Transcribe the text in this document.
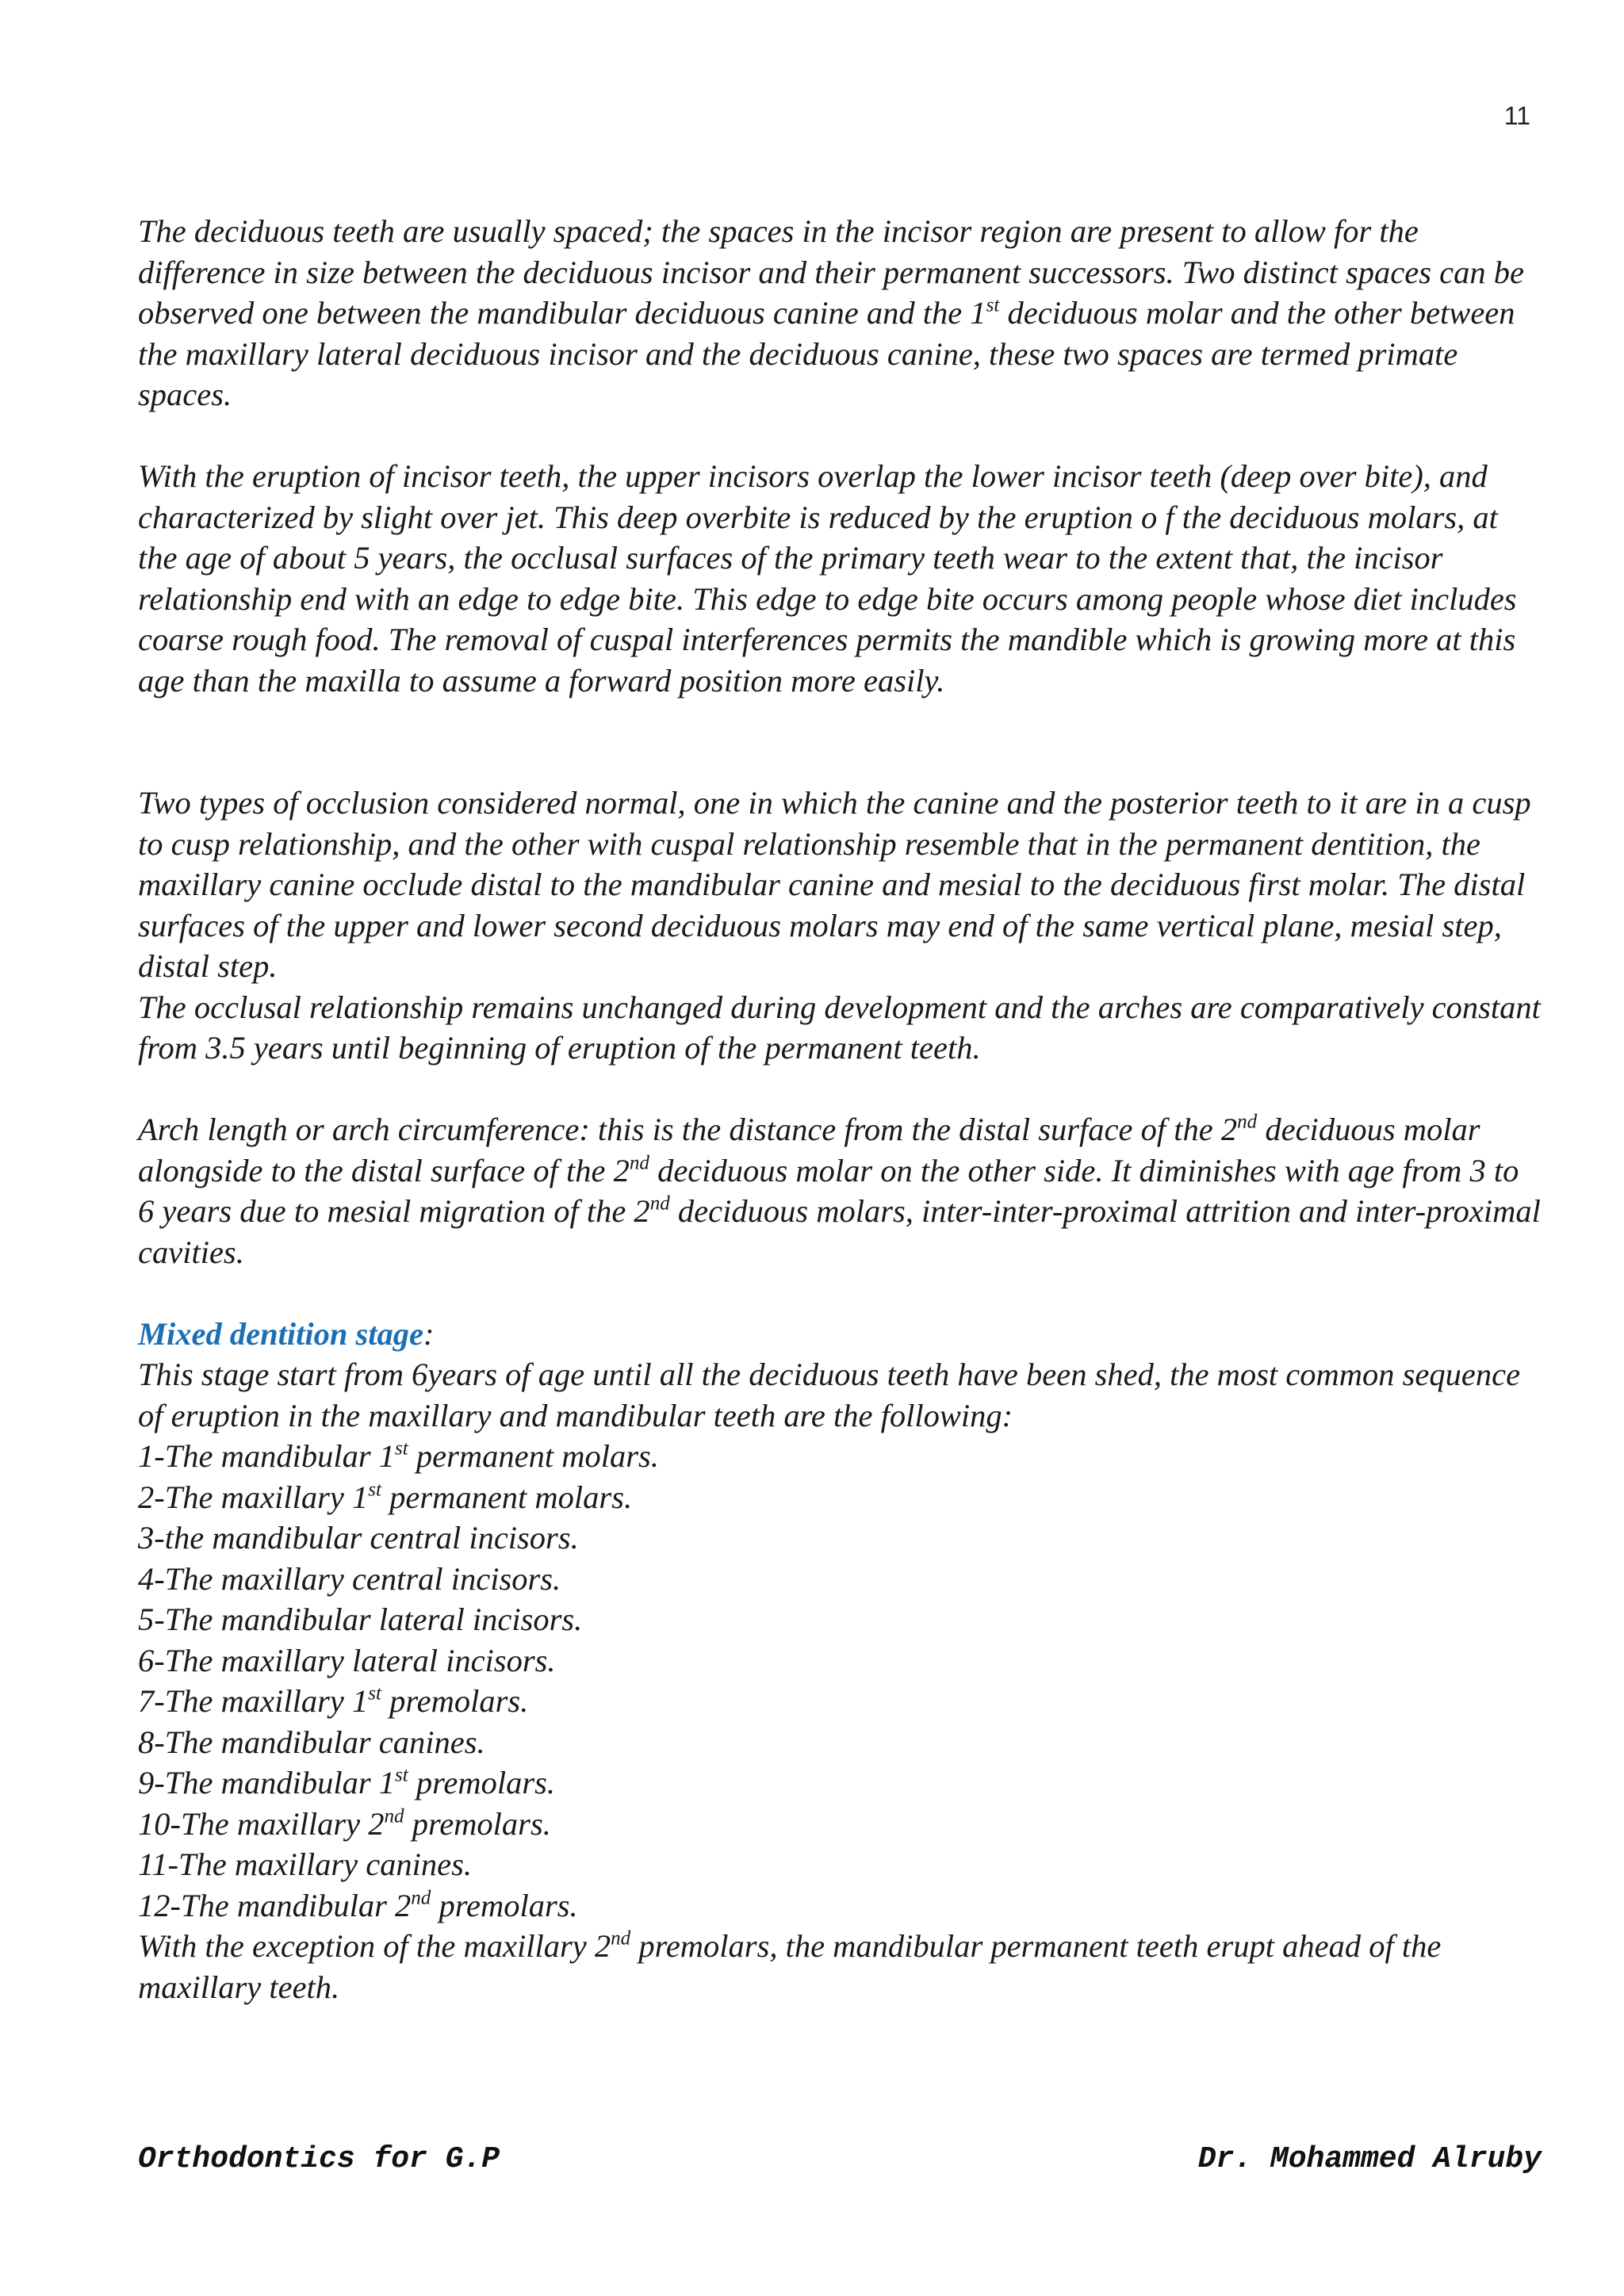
11

The deciduous teeth are usually spaced; the spaces in the incisor region are present to allow for the difference in size between the deciduous incisor and their permanent successors. Two distinct spaces can be observed one between the mandibular deciduous canine and the 1st deciduous molar and the other between the maxillary lateral deciduous incisor and the deciduous canine, these two spaces are termed primate spaces.

With the eruption of incisor teeth, the upper incisors overlap the lower incisor teeth (deep over bite), and characterized by slight over jet. This deep overbite is reduced by the eruption o f the deciduous molars, at the age of about 5 years, the occlusal surfaces of the primary teeth wear to the extent that, the incisor relationship end with an edge to edge bite. This edge to edge bite occurs among people whose diet includes coarse rough food. The removal of cuspal interferences permits the mandible which is growing more at this age than the maxilla to assume a forward position more easily.

Two types of occlusion considered normal, one in which the canine and the posterior teeth to it are in a cusp to cusp relationship, and the other with cuspal relationship resemble that in the permanent dentition, the maxillary canine occlude distal to the mandibular canine and mesial to the deciduous first molar. The distal surfaces of the upper and lower second deciduous molars may end of the same vertical plane, mesial step, distal step.

The occlusal relationship remains unchanged during development and the arches are comparatively constant from 3.5 years until beginning of eruption of the permanent teeth.

Arch length or arch circumference: this is the distance from the distal surface of the 2nd deciduous molar alongside to the distal surface of the 2nd deciduous molar on the other side. It diminishes with age from 3 to 6 years due to mesial migration of the 2nd deciduous molars, inter-inter-proximal attrition and inter-proximal cavities.

Mixed dentition stage:

This stage start from 6years of age until all the deciduous teeth have been shed, the most common sequence of eruption in the maxillary and mandibular teeth are the following:

1-The mandibular 1st permanent molars.

2-The maxillary 1st permanent molars.

3-the mandibular central incisors.

4-The maxillary central incisors.

5-The mandibular lateral incisors.

6-The maxillary lateral incisors.

7-The maxillary 1st premolars.

8-The mandibular canines.

9-The mandibular 1st premolars.

10-The maxillary 2nd premolars.

11-The maxillary canines.

12-The mandibular 2nd premolars.

With the exception of the maxillary 2nd premolars, the mandibular permanent teeth erupt ahead of the maxillary teeth.

Orthodontics for G.P	Dr. Mohammed Alruby
